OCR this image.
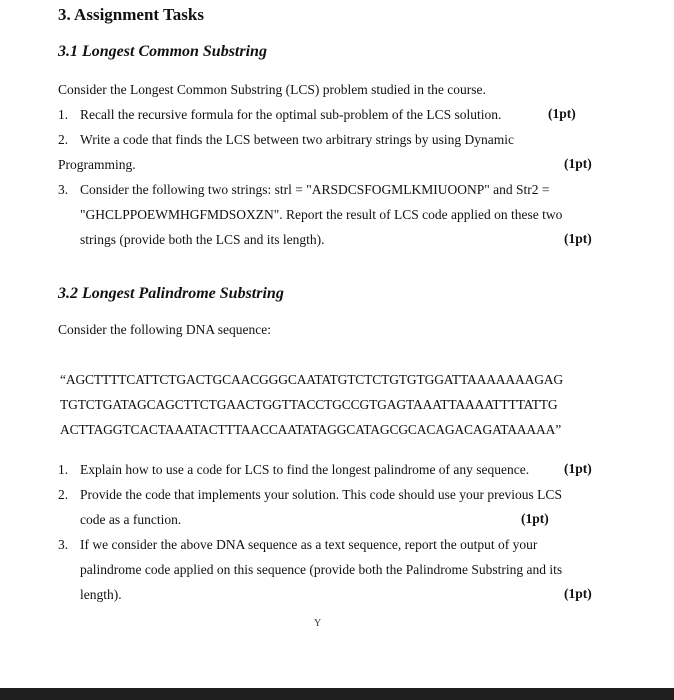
3. Assignment Tasks
3.1 Longest Common Substring
Consider the Longest Common Substring (LCS) problem studied in the course.
1. Recall the recursive formula for the optimal sub-problem of the LCS solution.	(1pt)
2. Write a code that finds the LCS between two arbitrary strings by using Dynamic
Programming.	(1pt)
3. Consider the following two strings: strl = "ARSDCSFOGMLKMIUOONP" and Str2 =
"GHCLPPOEWMHGFMDSOXZN". Report the result of LCS code applied on these two
strings (provide both the LCS and its length).	(1pt)
3.2 Longest Palindrome Substring
Consider the following DNA sequence:
“AGCTTTTCATTCTGACTGCAACGGGCAATATGTCTCTGTGTGGATTAAAAAAAGAG
TGTCTGATAGCAGCTTCTGAACTGGTTACCTGCCGTGAGTAAATTAAAATTTTATTG
ACTTAGGTCACTAAATACTTTAACCAATATAGGCATAGCGCACAGACAGATAAAAA”
1. Explain how to use a code for LCS to find the longest palindrome of any sequence.	(1pt)
2. Provide the code that implements your solution. This code should use your previous LCS
code as a function.	(1pt)
3. If we consider the above DNA sequence as a text sequence, report the output of your
palindrome code applied on this sequence (provide both the Palindrome Substring and its
length).	(1pt)
Y
